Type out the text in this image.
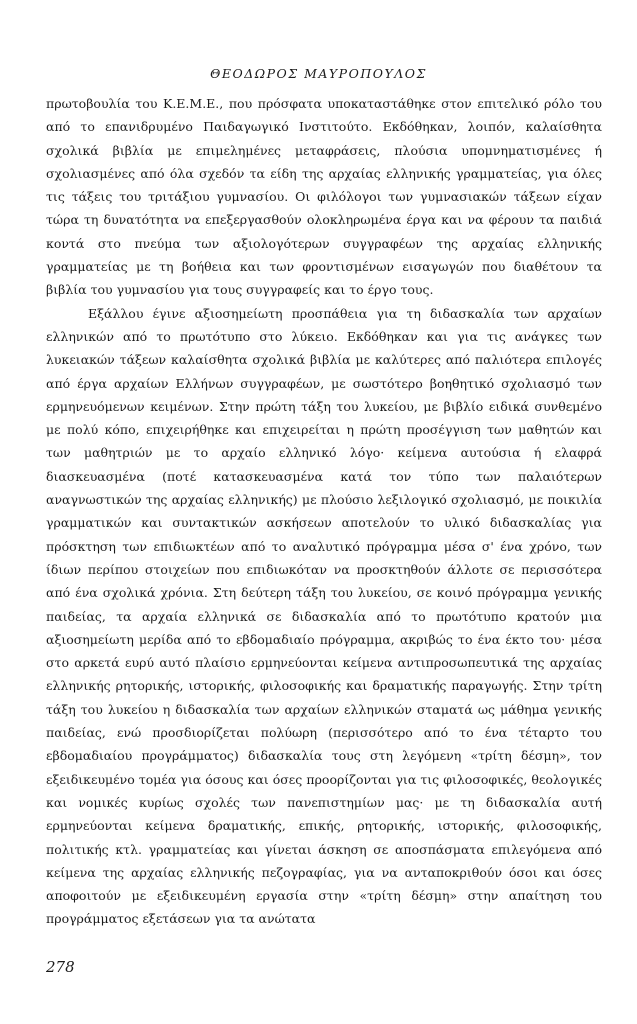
ΘΕΟΔΩΡΟΣ ΜΑΥΡΟΠΟΥΛΟΣ

πρωτοβουλία του Κ.Ε.Μ.Ε., που πρόσφατα υποκαταστάθηκε στον επιτελικό ρόλο του από το επανιδρυμένο Παιδαγωγικό Ινστιτούτο. Εκδόθηκαν, λοιπόν, καλαίσθητα σχολικά βιβλία με επιμελημένες μεταφράσεις, πλούσια υπομνηματισμένες ή σχολιασμένες από όλα σχεδόν τα είδη της αρχαίας ελληνικής γραμματείας, για όλες τις τάξεις του τριτάξιου γυμνασίου. Οι φιλόλογοι των γυμνασιακών τάξεων είχαν τώρα τη δυνατότητα να επεξεργασθούν ολοκληρωμένα έργα και να φέρουν τα παιδιά κοντά στο πνεύμα των αξιολογότερων συγγραφέων της αρχαίας ελληνικής γραμματείας με τη βοήθεια και των φροντισμένων εισαγωγών που διαθέτουν τα βιβλία του γυμνασίου για τους συγγραφείς και το έργο τους.

Εξάλλου έγινε αξιοσημείωτη προσπάθεια για τη διδασκαλία των αρχαίων ελληνικών από το πρωτότυπο στο λύκειο. Εκδόθηκαν και για τις ανάγκες των λυκειακών τάξεων καλαίσθητα σχολικά βιβλία με καλύτερες από παλιότερα επιλογές από έργα αρχαίων Ελλήνων συγγραφέων, με σωστότερο βοηθητικό σχολιασμό των ερμηνευόμενων κειμένων. Στην πρώτη τάξη του λυκείου, με βιβλίο ειδικά συνθεμένο με πολύ κόπο, επιχειρήθηκε και επιχειρείται η πρώτη προσέγγιση των μαθητών και των μαθητριών με το αρχαίο ελληνικό λόγο· κείμενα αυτούσια ή ελαφρά διασκευασμένα (ποτέ κατασκευασμένα κατά τον τύπο των παλαιότερων αναγνωστικών της αρχαίας ελληνικής) με πλούσιο λεξιλογικό σχολιασμό, με ποικιλία γραμματικών και συντακτικών ασκήσεων αποτελούν το υλικό διδασκαλίας για πρόσκτηση των επιδιωκτέων από το αναλυτικό πρόγραμμα μέσα σ' ένα χρόνο, των ίδιων περίπου στοιχείων που επιδιωκόταν να προσκτηθούν άλλοτε σε περισσότερα από ένα σχολικά χρόνια. Στη δεύτερη τάξη του λυκείου, σε κοινό πρόγραμμα γενικής παιδείας, τα αρχαία ελληνικά σε διδασκαλία από το πρωτότυπο κρατούν μια αξιοσημείωτη μερίδα από το εβδομαδιαίο πρόγραμμα, ακριβώς το ένα έκτο του· μέσα στο αρκετά ευρύ αυτό πλαίσιο ερμηνεύονται κείμενα αντιπροσωπευτικά της αρχαίας ελληνικής ρητορικής, ιστορικής, φιλοσοφικής και δραματικής παραγωγής. Στην τρίτη τάξη του λυκείου η διδασκαλία των αρχαίων ελληνικών σταματά ως μάθημα γενικής παιδείας, ενώ προσδιορίζεται πολύωρη (περισσότερο από το ένα τέταρτο του εβδομαδιαίου προγράμματος) διδασκαλία τους στη λεγόμενη «τρίτη δέσμη», τον εξειδικευμένο τομέα για όσους και όσες προορίζονται για τις φιλοσοφικές, θεολογικές και νομικές κυρίως σχολές των πανεπιστημίων μας· με τη διδασκαλία αυτή ερμηνεύονται κείμενα δραματικής, επικής, ρητορικής, ιστορικής, φιλοσοφικής, πολιτικής κτλ. γραμματείας και γίνεται άσκηση σε αποσπάσματα επιλεγόμενα από κείμενα της αρχαίας ελληνικής πεζογραφίας, για να ανταποκριθούν όσοι και όσες αποφοιτούν με εξειδικευμένη εργασία στην «τρίτη δέσμη» στην απαίτηση του προγράμματος εξετάσεων για τα ανώτατα

278
